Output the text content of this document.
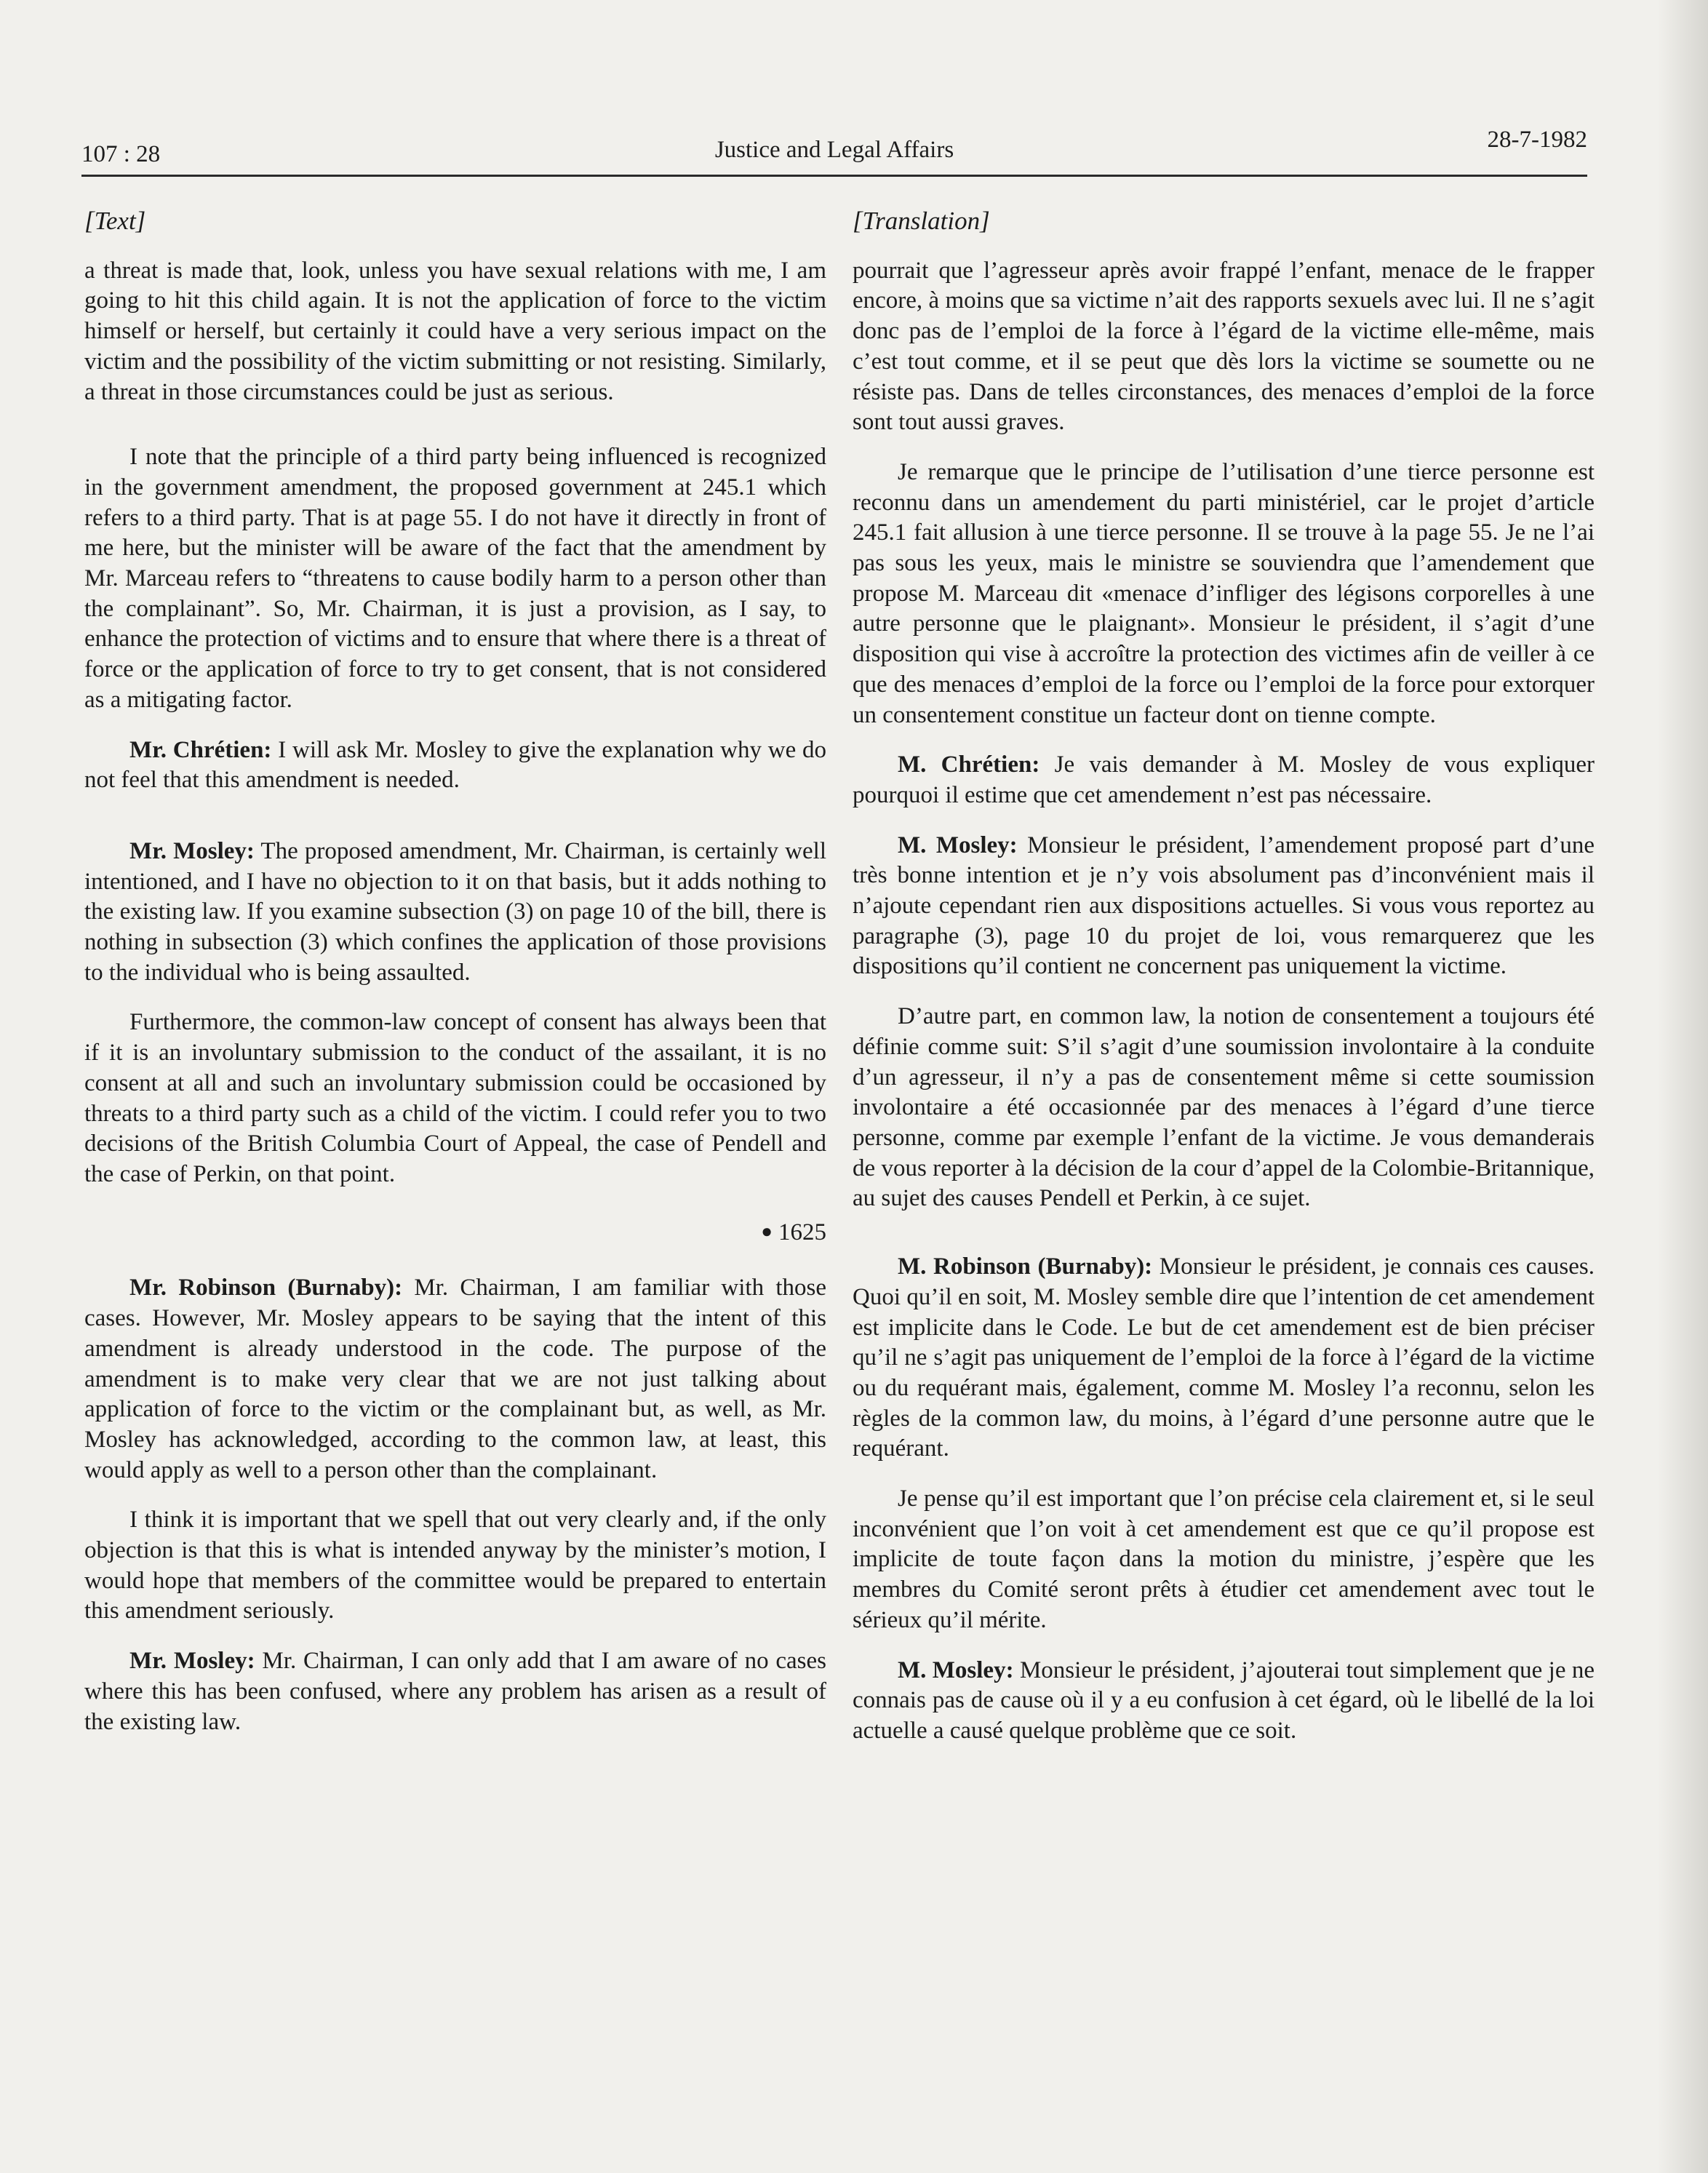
107 : 28	Justice and Legal Affairs	28-7-1982

[Text]

a threat is made that, look, unless you have sexual relations with me, I am going to hit this child again. It is not the application of force to the victim himself or herself, but certainly it could have a very serious impact on the victim and the possibility of the victim submitting or not resisting. Similarly, a threat in those circumstances could be just as serious.

I note that the principle of a third party being influenced is recognized in the government amendment, the proposed government at 245.1 which refers to a third party. That is at page 55. I do not have it directly in front of me here, but the minister will be aware of the fact that the amendment by Mr. Marceau refers to “threatens to cause bodily harm to a person other than the complainant”. So, Mr. Chairman, it is just a provision, as I say, to enhance the protection of victims and to ensure that where there is a threat of force or the application of force to try to get consent, that is not considered as a mitigating factor.

Mr. Chrétien: I will ask Mr. Mosley to give the explanation why we do not feel that this amendment is needed.

Mr. Mosley: The proposed amendment, Mr. Chairman, is certainly well intentioned, and I have no objection to it on that basis, but it adds nothing to the existing law. If you examine subsection (3) on page 10 of the bill, there is nothing in subsection (3) which confines the application of those provisions to the individual who is being assaulted.

Furthermore, the common-law concept of consent has always been that if it is an involuntary submission to the conduct of the assailant, it is no consent at all and such an involuntary submission could be occasioned by threats to a third party such as a child of the victim. I could refer you to two decisions of the British Columbia Court of Appeal, the case of Pendell and the case of Perkin, on that point.

● 1625

Mr. Robinson (Burnaby): Mr. Chairman, I am familiar with those cases. However, Mr. Mosley appears to be saying that the intent of this amendment is already understood in the code. The purpose of the amendment is to make very clear that we are not just talking about application of force to the victim or the complainant but, as well, as Mr. Mosley has acknowledged, according to the common law, at least, this would apply as well to a person other than the complainant.

I think it is important that we spell that out very clearly and, if the only objection is that this is what is intended anyway by the minister’s motion, I would hope that members of the committee would be prepared to entertain this amendment seriously.

Mr. Mosley: Mr. Chairman, I can only add that I am aware of no cases where this has been confused, where any problem has arisen as a result of the existing law.

[Translation]

pourrait que l’agresseur après avoir frappé l’enfant, menace de le frapper encore, à moins que sa victime n’ait des rapports sexuels avec lui. Il ne s’agit donc pas de l’emploi de la force à l’égard de la victime elle-même, mais c’est tout comme, et il se peut que dès lors la victime se soumette ou ne résiste pas. Dans de telles circonstances, des menaces d’emploi de la force sont tout aussi graves.

Je remarque que le principe de l’utilisation d’une tierce personne est reconnu dans un amendement du parti ministériel, car le projet d’article 245.1 fait allusion à une tierce personne. Il se trouve à la page 55. Je ne l’ai pas sous les yeux, mais le ministre se souviendra que l’amendement que propose M. Marceau dit «menace d’infliger des légisons corporelles à une autre personne que le plaignant». Monsieur le président, il s’agit d’une disposition qui vise à accroître la protection des victimes afin de veiller à ce que des menaces d’emploi de la force ou l’emploi de la force pour extorquer un consentement constitue un facteur dont on tienne compte.

M. Chrétien: Je vais demander à M. Mosley de vous expliquer pourquoi il estime que cet amendement n’est pas nécessaire.

M. Mosley: Monsieur le président, l’amendement proposé part d’une très bonne intention et je n’y vois absolument pas d’inconvénient mais il n’ajoute cependant rien aux dispositions actuelles. Si vous vous reportez au paragraphe (3), page 10 du projet de loi, vous remarquerez que les dispositions qu’il contient ne concernent pas uniquement la victime.

D’autre part, en common law, la notion de consentement a toujours été définie comme suit: S’il s’agit d’une soumission involontaire à la conduite d’un agresseur, il n’y a pas de consentement même si cette soumission involontaire a été occasionnée par des menaces à l’égard d’une tierce personne, comme par exemple l’enfant de la victime. Je vous demanderais de vous reporter à la décision de la cour d’appel de la Colombie-Britannique, au sujet des causes Pendell et Perkin, à ce sujet.

M. Robinson (Burnaby): Monsieur le président, je connais ces causes. Quoi qu’il en soit, M. Mosley semble dire que l’intention de cet amendement est implicite dans le Code. Le but de cet amendement est de bien préciser qu’il ne s’agit pas uniquement de l’emploi de la force à l’égard de la victime ou du requérant mais, également, comme M. Mosley l’a reconnu, selon les règles de la common law, du moins, à l’égard d’une personne autre que le requérant.

Je pense qu’il est important que l’on précise cela clairement et, si le seul inconvénient que l’on voit à cet amendement est que ce qu’il propose est implicite de toute façon dans la motion du ministre, j’espère que les membres du Comité seront prêts à étudier cet amendement avec tout le sérieux qu’il mérite.

M. Mosley: Monsieur le président, j’ajouterai tout simplement que je ne connais pas de cause où il y a eu confusion à cet égard, où le libellé de la loi actuelle a causé quelque problème que ce soit.
